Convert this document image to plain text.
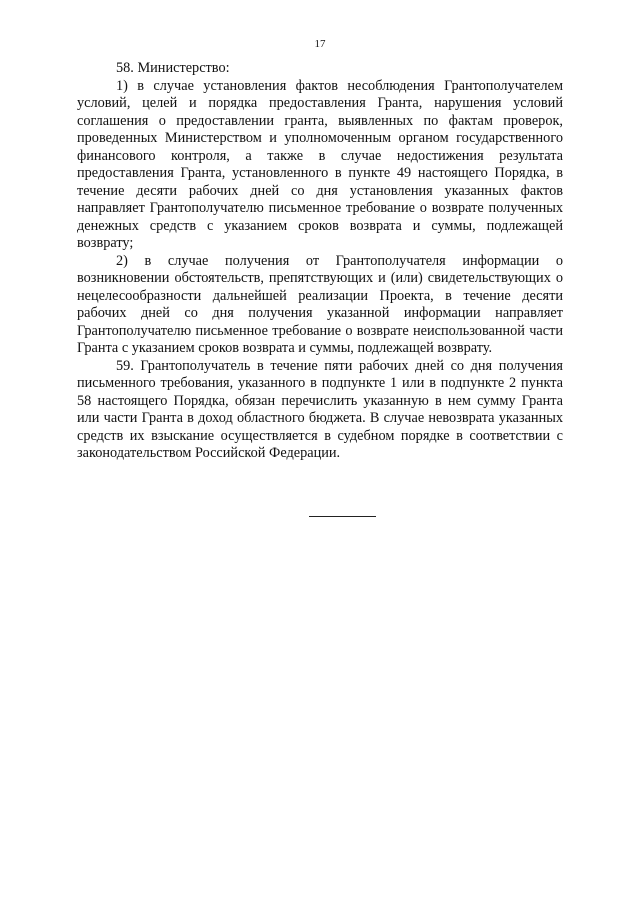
17

58. Министерство:

1) в случае установления фактов несоблюдения Грантополучателем условий, целей и порядка предоставления Гранта, нарушения условий соглашения о предоставлении гранта, выявленных по фактам проверок, проведенных Министерством и уполномоченным органом государственного финансового контроля, а также в случае недостижения результата предоставления Гранта, установленного в пункте 49 настоящего Порядка, в течение десяти рабочих дней со дня установления указанных фактов направляет Грантополучателю письменное требование о возврате полученных денежных средств с указанием сроков возврата и суммы, подлежащей возврату;

2) в случае получения от Грантополучателя информации о возникновении обстоятельств, препятствующих и (или) свидетельствующих о нецелесообразности дальнейшей реализации Проекта, в течение десяти рабочих дней со дня получения указанной информации направляет Грантополучателю письменное требование о возврате неиспользованной части Гранта с указанием сроков возврата и суммы, подлежащей возврату.

59. Грантополучатель в течение пяти рабочих дней со дня получения письменного требования, указанного в подпункте 1 или в подпункте 2 пункта 58 настоящего Порядка, обязан перечислить указанную в нем сумму Гранта или части Гранта в доход областного бюджета. В случае невозврата указанных средств их взыскание осуществляется в судебном порядке в соответствии с законодательством Российской Федерации.
